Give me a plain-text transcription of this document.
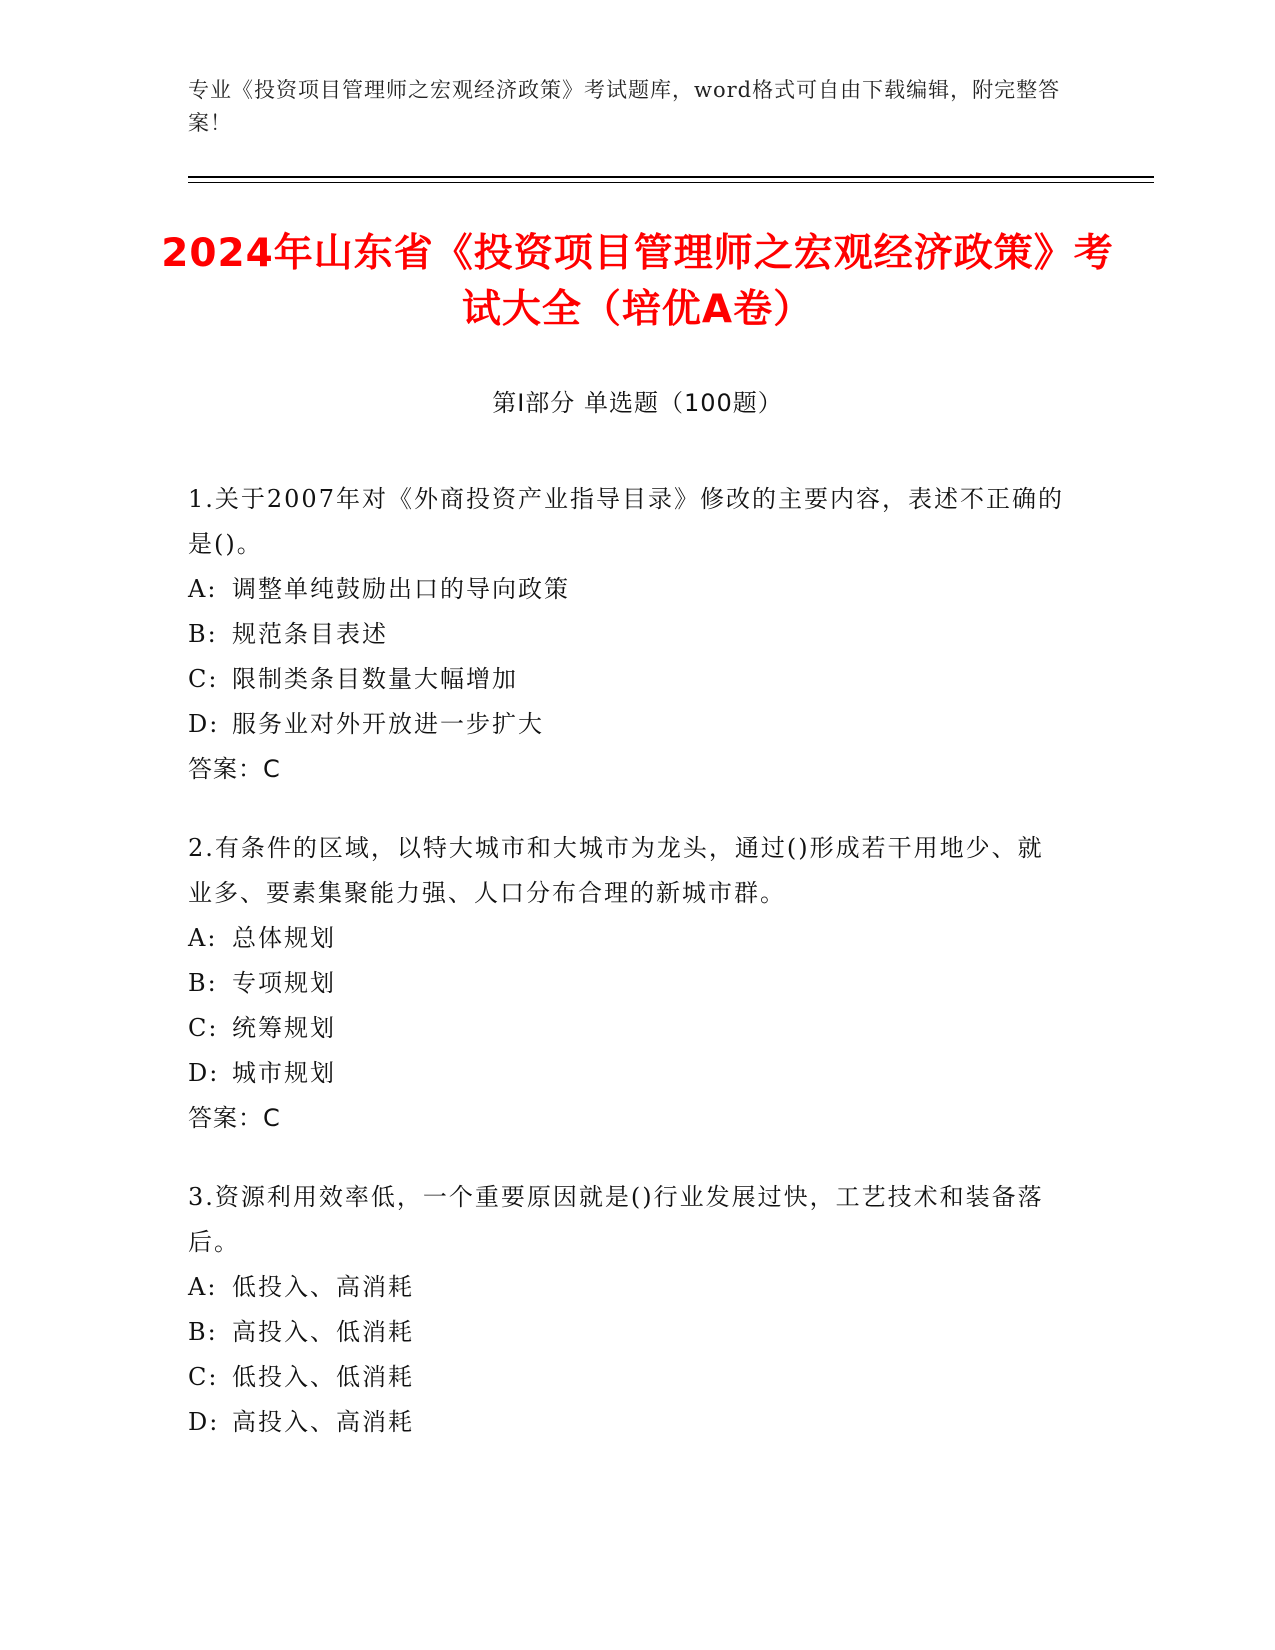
专业《投资项目管理师之宏观经济政策》考试题库，word格式可自由下载编辑，附完整答案！
2024年山东省《投资项目管理师之宏观经济政策》考试大全（培优A卷）
第I部分 单选题（100题）
1.关于2007年对《外商投资产业指导目录》修改的主要内容，表述不正确的是()。
A: 调整单纯鼓励出口的导向政策
B: 规范条目表述
C: 限制类条目数量大幅增加
D: 服务业对外开放进一步扩大
答案：C
2.有条件的区域，以特大城市和大城市为龙头，通过()形成若干用地少、就业多、要素集聚能力强、人口分布合理的新城市群。
A: 总体规划
B: 专项规划
C: 统筹规划
D: 城市规划
答案：C
3.资源利用效率低，一个重要原因就是()行业发展过快，工艺技术和装备落后。
A: 低投入、高消耗
B: 高投入、低消耗
C: 低投入、低消耗
D: 高投入、高消耗
